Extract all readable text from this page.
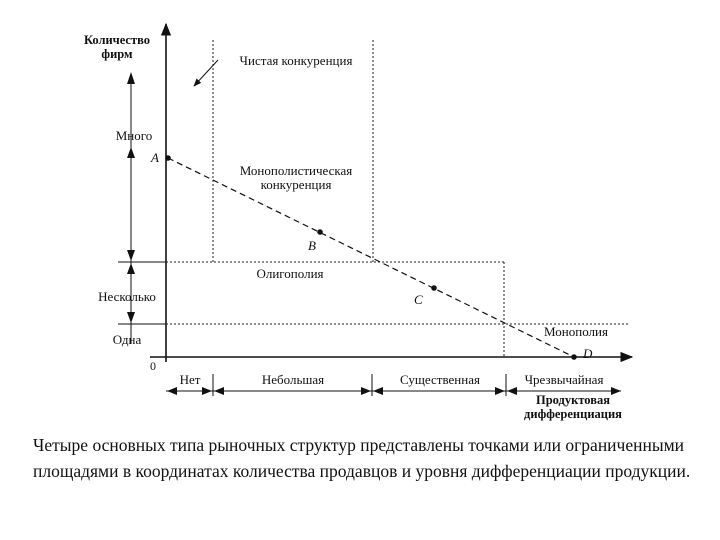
Количество
фирм
Продуктовая
дифференциация
0
Много
Несколько
Одна
Нет	Небольшая	Существенная	Чрезвычайная
Чистая конкуренция
Монополистическая
конкуренция
Олигополия
Монополия
A
B
C
D
Четыре основных типа рыночных структур представлены точками или ограниченными площадями в координатах количества продавцов и уровня дифференциации продукции.
